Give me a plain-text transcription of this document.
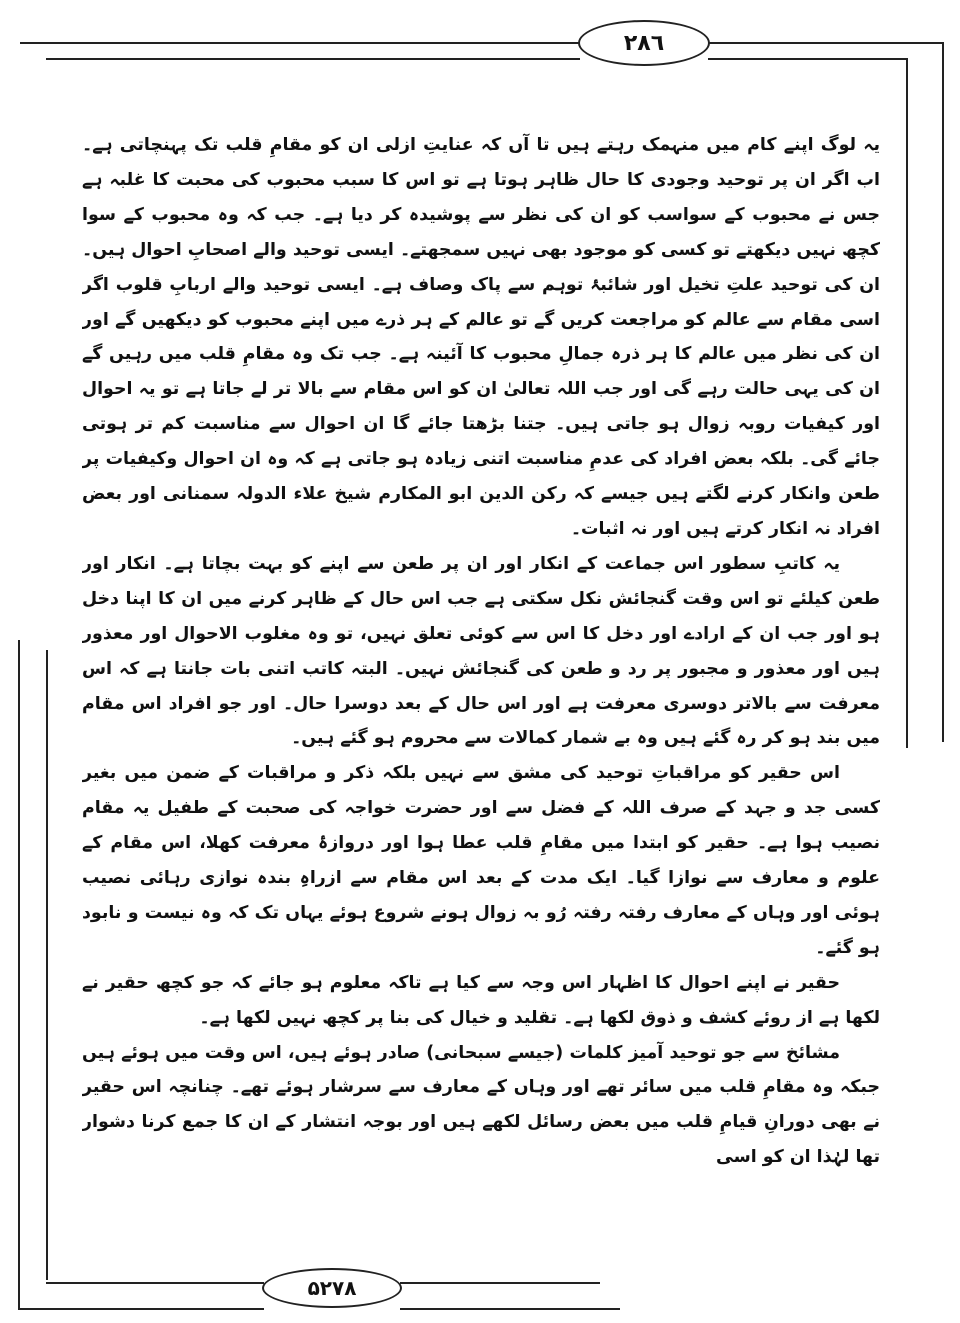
۲۸٦

یہ لوگ اپنے کام میں منہمک رہتے ہیں تا آں کہ عنایتِ ازلی ان کو مقامِ قلب تک پہنچاتی ہے۔ اب اگر ان پر توحید وجودی کا حال ظاہر ہوتا ہے تو اس کا سبب محبوب کی محبت کا غلبہ ہے جس نے محبوب کے سواسب کو ان کی نظر سے پوشیدہ کر دیا ہے۔ جب کہ وہ محبوب کے سوا کچھ نہیں دیکھتے تو کسی کو موجود بھی نہیں سمجھتے۔ ایسی توحید والے اصحابِ احوال ہیں۔ ان کی توحید علتِ تخیل اور شائبۂ توہم سے پاک وصاف ہے۔ ایسی توحید والے اربابِ قلوب اگر اسی مقام سے عالم کو مراجعت کریں گے تو عالم کے ہر ذرے میں اپنے محبوب کو دیکھیں گے اور ان کی نظر میں عالم کا ہر ذرہ جمالِ محبوب کا آئینہ ہے۔ جب تک وہ مقامِ قلب میں رہیں گے ان کی یہی حالت رہے گی اور جب اللہ تعالیٰ ان کو اس مقام سے بالا تر لے جاتا ہے تو یہ احوال اور کیفیات روبہ زوال ہو جاتی ہیں۔ جتنا بڑھتا جائے گا ان احوال سے مناسبت کم تر ہوتی جائے گی۔ بلکہ بعض افراد کی عدمِ مناسبت اتنی زیادہ ہو جاتی ہے کہ وہ ان احوال وکیفیات پر طعن وانکار کرنے لگتے ہیں جیسے کہ رکن الدین ابو المکارم شیخ علاء الدولہ سمنانی اور بعض افراد نہ انکار کرتے ہیں اور نہ اثبات۔

یہ کاتبِ سطور اس جماعت کے انکار اور ان پر طعن سے اپنے کو بہت بچاتا ہے۔ انکار اور طعن کیلئے تو اس وقت گنجائش نکل سکتی ہے جب اس حال کے ظاہر کرنے میں ان کا اپنا دخل ہو اور جب ان کے ارادے اور دخل کا اس سے کوئی تعلق نہیں، تو وہ مغلوب الاحوال اور معذور ہیں اور معذور و مجبور پر رد و طعن کی گنجائش نہیں۔ البتہ کاتب اتنی بات جانتا ہے کہ اس معرفت سے بالاتر دوسری معرفت ہے اور اس حال کے بعد دوسرا حال۔ اور جو افراد اس مقام میں بند ہو کر رہ گئے ہیں وہ بے شمار کمالات سے محروم ہو گئے ہیں۔

اس حقیر کو مراقباتِ توحید کی مشق سے نہیں بلکہ ذکر و مراقبات کے ضمن میں بغیر کسی جد و جہد کے صرف اللہ کے فضل سے اور حضرت خواجہ کی صحبت کے طفیل یہ مقام نصیب ہوا ہے۔ حقیر کو ابتدا میں مقامِ قلب عطا ہوا اور دروازۂ معرفت کھلا، اس مقام کے علوم و معارف سے نوازا گیا۔ ایک مدت کے بعد اس مقام سے ازراہِ بندہ نوازی رہائی نصیب ہوئی اور وہاں کے معارف رفتہ رفتہ رُو بہ زوال ہونے شروع ہوئے یہاں تک کہ وہ نیست و نابود ہو گئے۔

حقیر نے اپنے احوال کا اظہار اس وجہ سے کیا ہے تاکہ معلوم ہو جائے کہ جو کچھ حقیر نے لکھا ہے از روئے کشف و ذوق لکھا ہے۔ تقلید و خیال کی بنا پر کچھ نہیں لکھا ہے۔

مشائخ سے جو توحید آمیز کلمات (جیسے سبحانی) صادر ہوئے ہیں، اس وقت میں ہوئے ہیں جبکہ وہ مقامِ قلب میں سائر تھے اور وہاں کے معارف سے سرشار ہوئے تھے۔ چنانچہ اس حقیر نے بھی دورانِ قیامِ قلب میں بعض رسائل لکھے ہیں اور بوجہ انتشار کے ان کا جمع کرنا دشوار تھا لہٰذا ان کو اسی

۵۲۷۸
